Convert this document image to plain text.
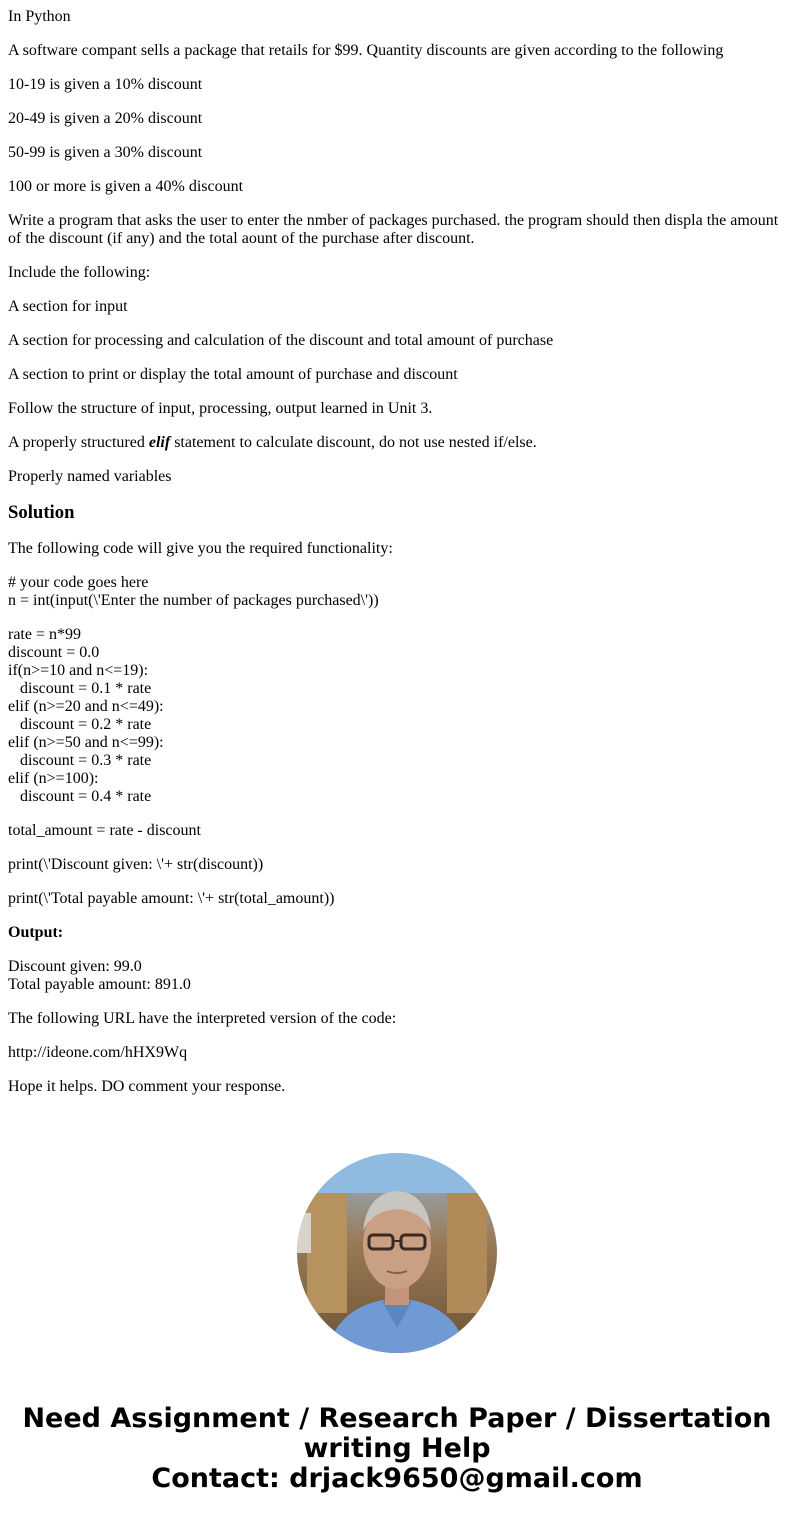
In Python

A software compant sells a package that retails for $99. Quantity discounts are given according to the following

10-19 is given a 10% discount

20-49 is given a 20% discount

50-99 is given a 30% discount

100 or more is given a 40% discount

Write a program that asks the user to enter the nmber of packages purchased. the program should then displa the amount of the discount (if any) and the total aount of the purchase after discount.

Include the following:

A section for input

A section for processing and calculation of the discount and total amount of purchase

A section to print or display the total amount of purchase and discount

Follow the structure of input, processing, output learned in Unit 3.

A properly structured elif statement to calculate discount, do not use nested if/else.

Properly named variables

Solution

The following code will give you the required functionality:

# your code goes here
n = int(input(\'Enter the number of packages purchased\'))

rate = n*99
discount = 0.0
if(n>=10 and n<=19):
discount = 0.1 * rate
elif (n>=20 and n<=49):
discount = 0.2 * rate
elif (n>=50 and n<=99):
discount = 0.3 * rate
elif (n>=100):
discount = 0.4 * rate

total_amount = rate - discount

print(\'Discount given: \'+ str(discount))

print(\'Total payable amount: \'+ str(total_amount))

Output:

Discount given: 99.0
Total payable amount: 891.0

The following URL have the interpreted version of the code:

http://ideone.com/hHX9Wq

Hope it helps. DO comment your response.

Need Assignment / Research Paper / Dissertation
writing Help
Contact: drjack9650@gmail.com
